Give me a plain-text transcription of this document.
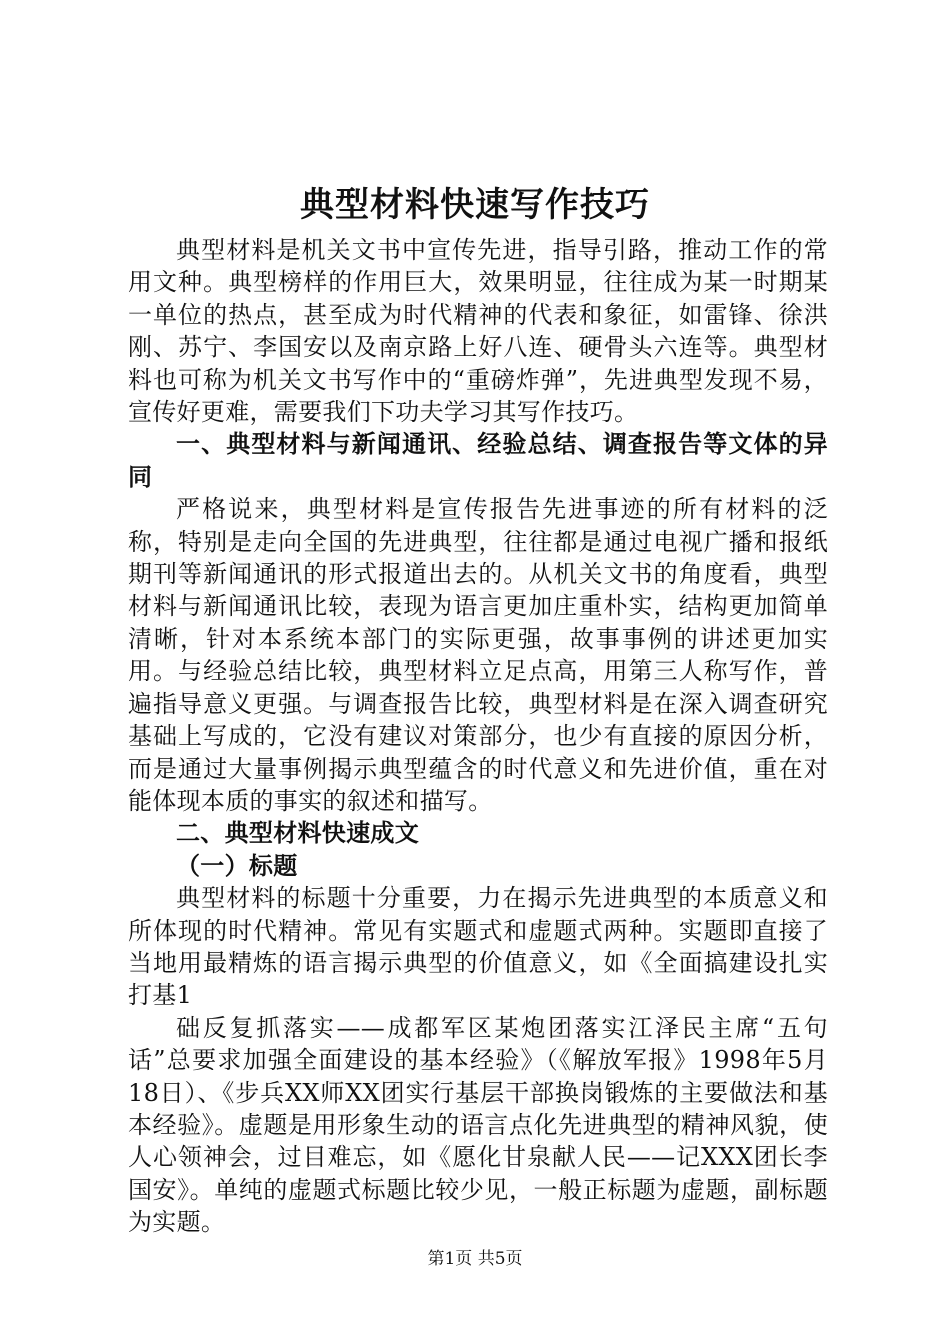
典型材料快速写作技巧

典型材料是机关文书中宣传先进，指导引路，推动工作的常用文种。典型榜样的作用巨大，效果明显，往往成为某一时期某一单位的热点，甚至成为时代精神的代表和象征，如雷锋、徐洪刚、苏宁、李国安以及南京路上好八连、硬骨头六连等。典型材料也可称为机关文书写作中的“重磅炸弹”，先进典型发现不易，宣传好更难，需要我们下功夫学习其写作技巧。

一、典型材料与新闻通讯、经验总结、调查报告等文体的异同

严格说来，典型材料是宣传报告先进事迹的所有材料的泛称，特别是走向全国的先进典型，往往都是通过电视广播和报纸期刊等新闻通讯的形式报道出去的。从机关文书的角度看，典型材料与新闻通讯比较，表现为语言更加庄重朴实，结构更加简单清晰，针对本系统本部门的实际更强，故事事例的讲述更加实用。与经验总结比较，典型材料立足点高，用第三人称写作，普遍指导意义更强。与调查报告比较，典型材料是在深入调查研究基础上写成的，它没有建议对策部分，也少有直接的原因分析，而是通过大量事例揭示典型蕴含的时代意义和先进价值，重在对能体现本质的事实的叙述和描写。

二、典型材料快速成文

（一）标题

典型材料的标题十分重要，力在揭示先进典型的本质意义和所体现的时代精神。常见有实题式和虚题式两种。实题即直接了当地用最精炼的语言揭示典型的价值意义，如《全面搞建设扎实打基1

础反复抓落实——成都军区某炮团落实江泽民主席“五句话”总要求加强全面建设的基本经验》（《解放军报》1998年5月18日）、《步兵XX师XX团实行基层干部换岗锻炼的主要做法和基本经验》。虚题是用形象生动的语言点化先进典型的精神风貌，使人心领神会，过目难忘，如《愿化甘泉献人民——记XXX团长李国安》。单纯的虚题式标题比较少见，一般正标题为虚题，副标题为实题。

第1页 共5页
